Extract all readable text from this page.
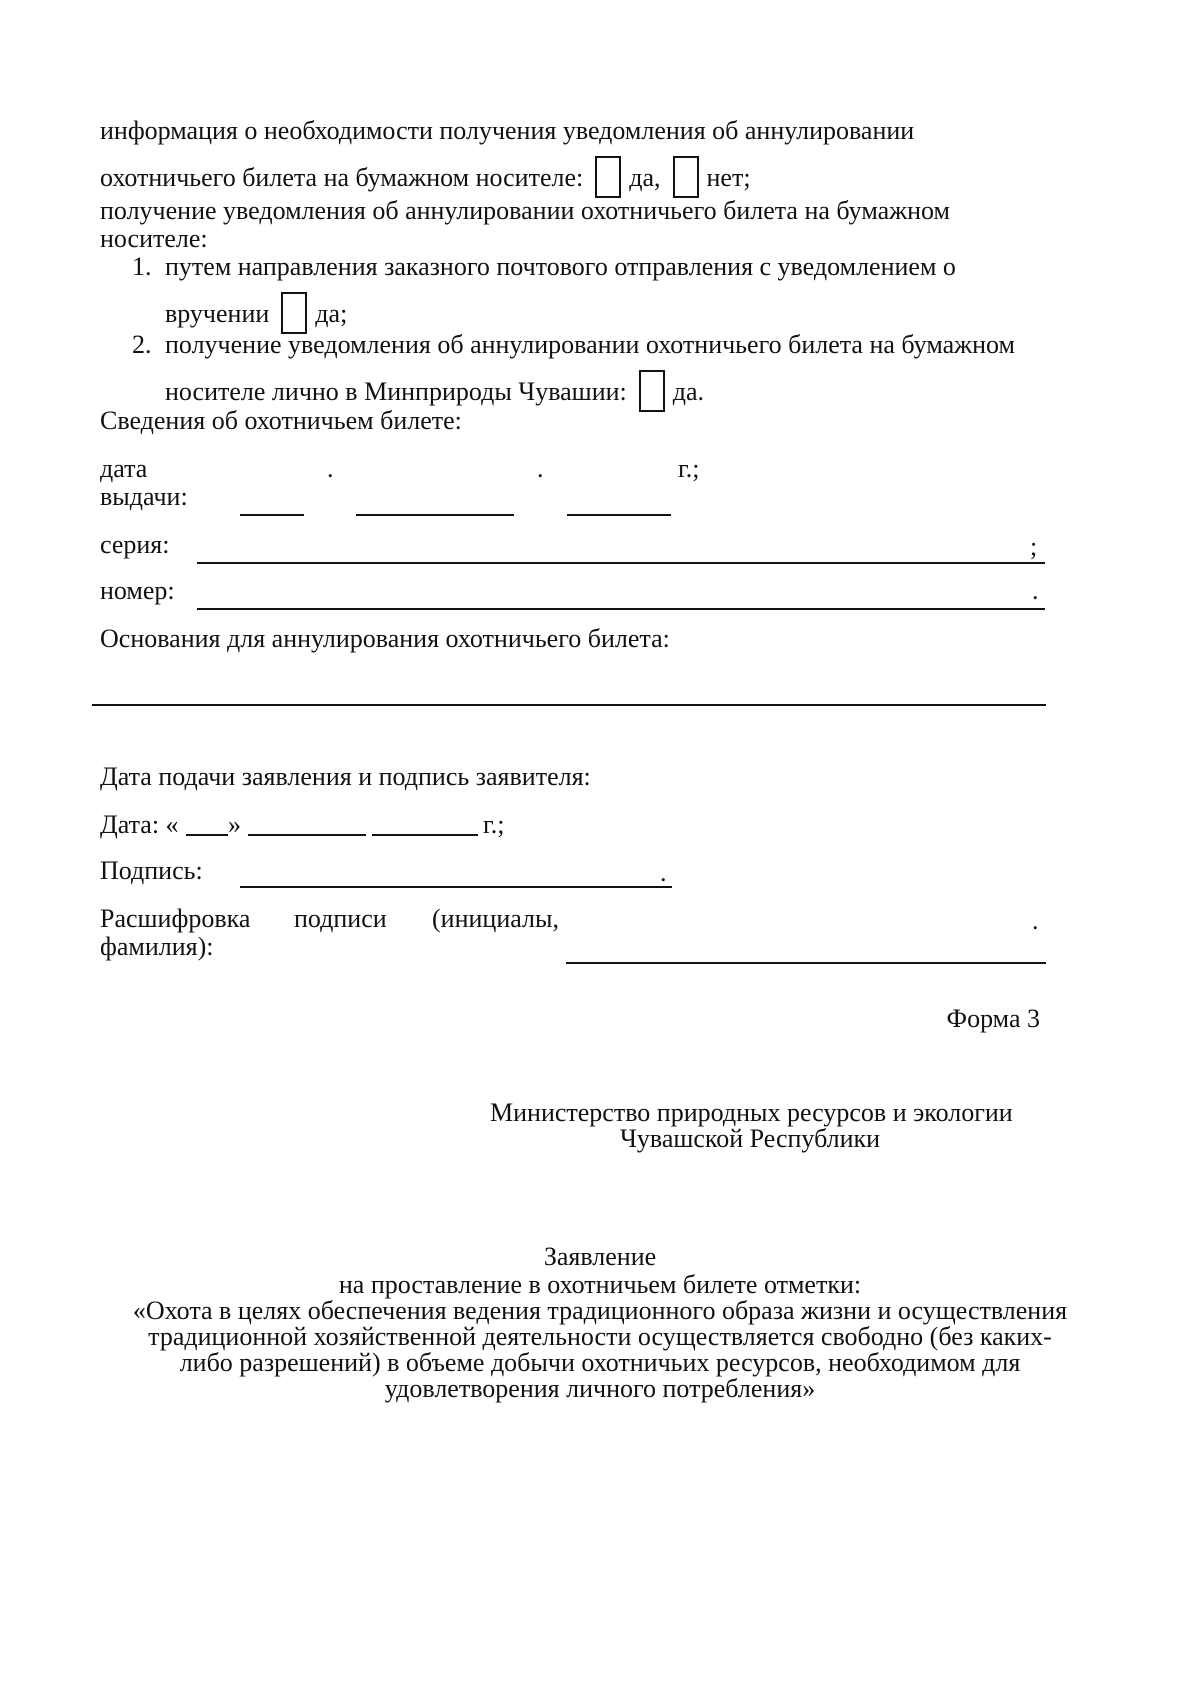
информация о необходимости получения уведомления об аннулировании
охотничьего билета на бумажном носителе: да, нет;
получение уведомления об аннулировании охотничьего билета на бумажном
носителе:
1. путем направления заказного почтового отправления с уведомлением о
вручении да;
2. получение уведомления об аннулировании охотничьего билета на бумажном
носителе лично в Минприроды Чувашии: да.
Сведения об охотничьем билете:
дата
выдачи:
.	.	г.;
серия:	;
номер:	.
Основания для аннулирования охотничьего билета:
Дата подачи заявления и подпись заявителя:
Дата: « »	г.;
Подпись:	.
Расшифровка подписи (инициалы,
фамилия):
.
Форма 3
Министерство природных ресурсов и экологии
Чувашской Республики
Заявление
на проставление в охотничьем билете отметки:
«Охота в целях обеспечения ведения традиционного образа жизни и осуществления
традиционной хозяйственной деятельности осуществляется свободно (без каких-
либо разрешений) в объеме добычи охотничьих ресурсов, необходимом для
удовлетворения личного потребления»
